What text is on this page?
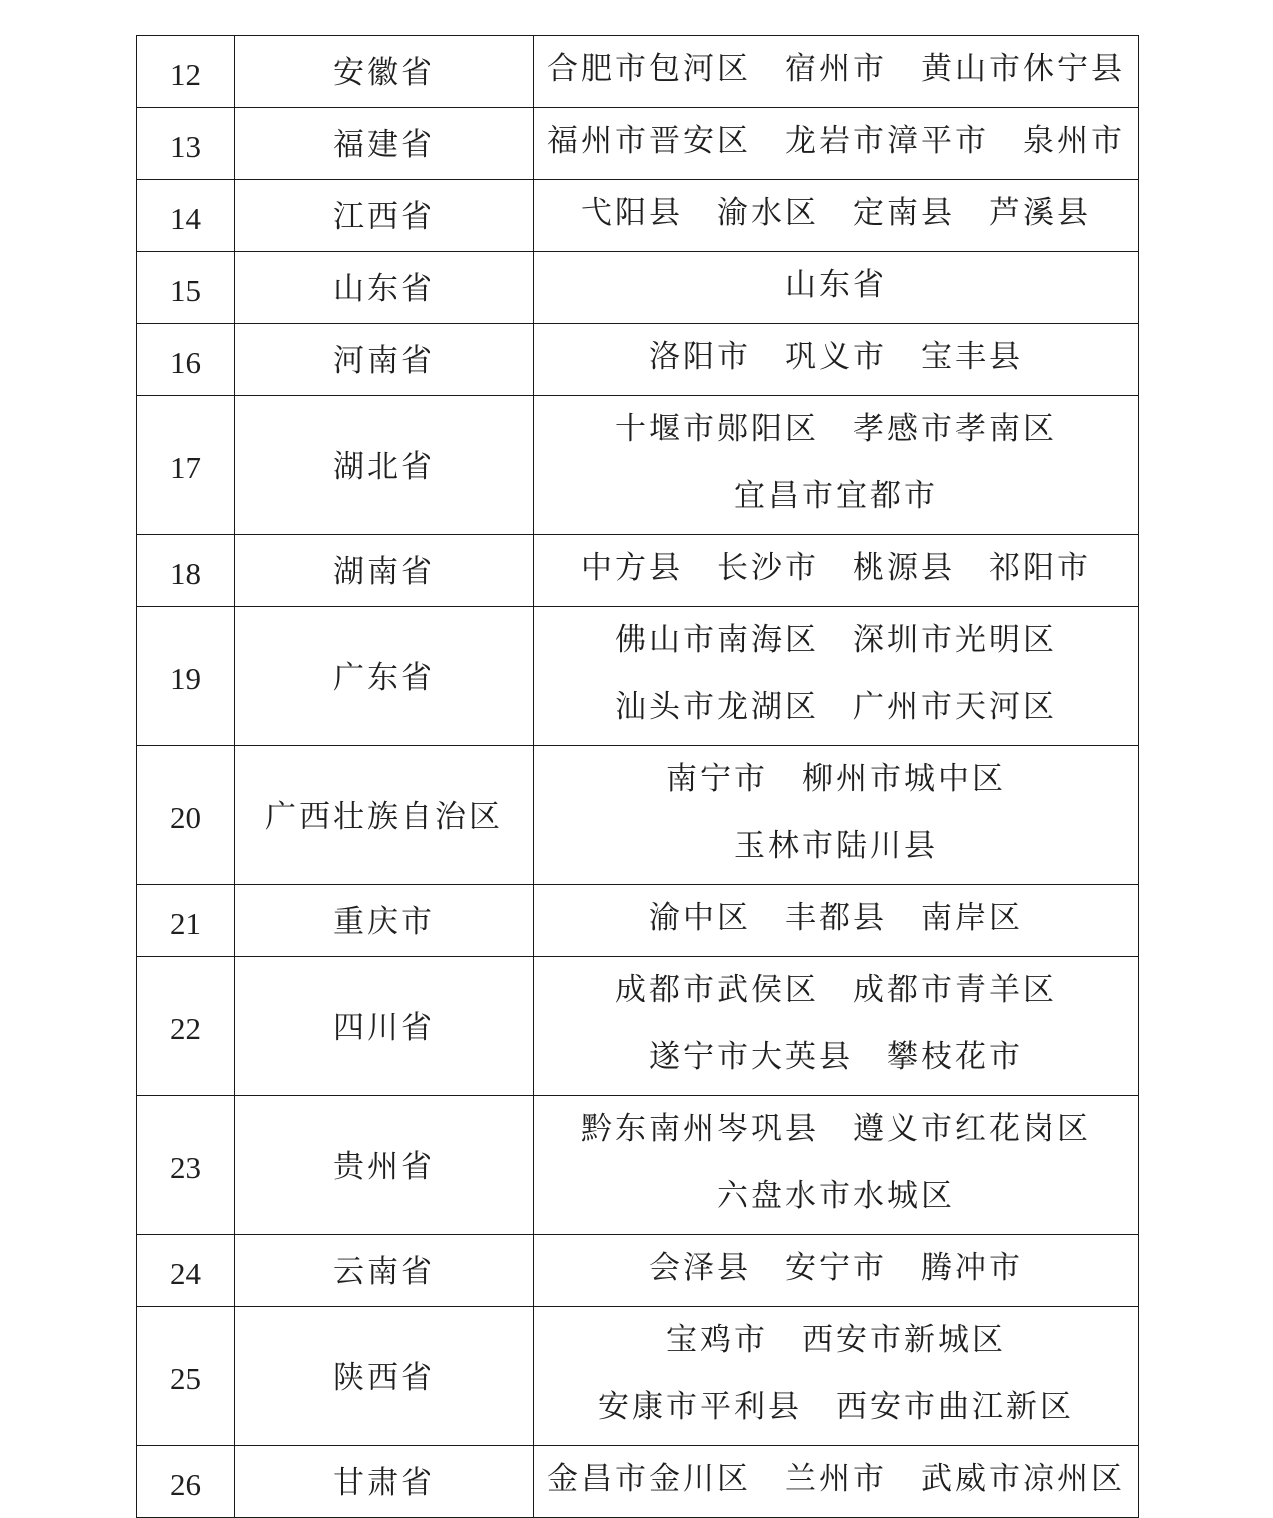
12	安徽省	合肥市包河区　宿州市　黄山市休宁县

13	福建省	福州市晋安区　龙岩市漳平市　泉州市

14	江西省	弋阳县　渝水区　定南县　芦溪县

15	山东省	山东省

16	河南省	洛阳市　巩义市　宝丰县

17	湖北省	十堰市郧阳区　孝感市孝南区
宜昌市宜都市

18	湖南省	中方县　长沙市　桃源县　祁阳市

19	广东省	佛山市南海区　深圳市光明区
汕头市龙湖区　广州市天河区

20	广西壮族自治区	南宁市　柳州市城中区
玉林市陆川县

21	重庆市	渝中区　丰都县　南岸区

22	四川省	成都市武侯区　成都市青羊区
遂宁市大英县　攀枝花市

23	贵州省	黔东南州岑巩县　遵义市红花岗区
六盘水市水城区

24	云南省	会泽县　安宁市　腾冲市

25	陕西省	宝鸡市　西安市新城区
安康市平利县　西安市曲江新区

26	甘肃省	金昌市金川区　兰州市　武威市凉州区
